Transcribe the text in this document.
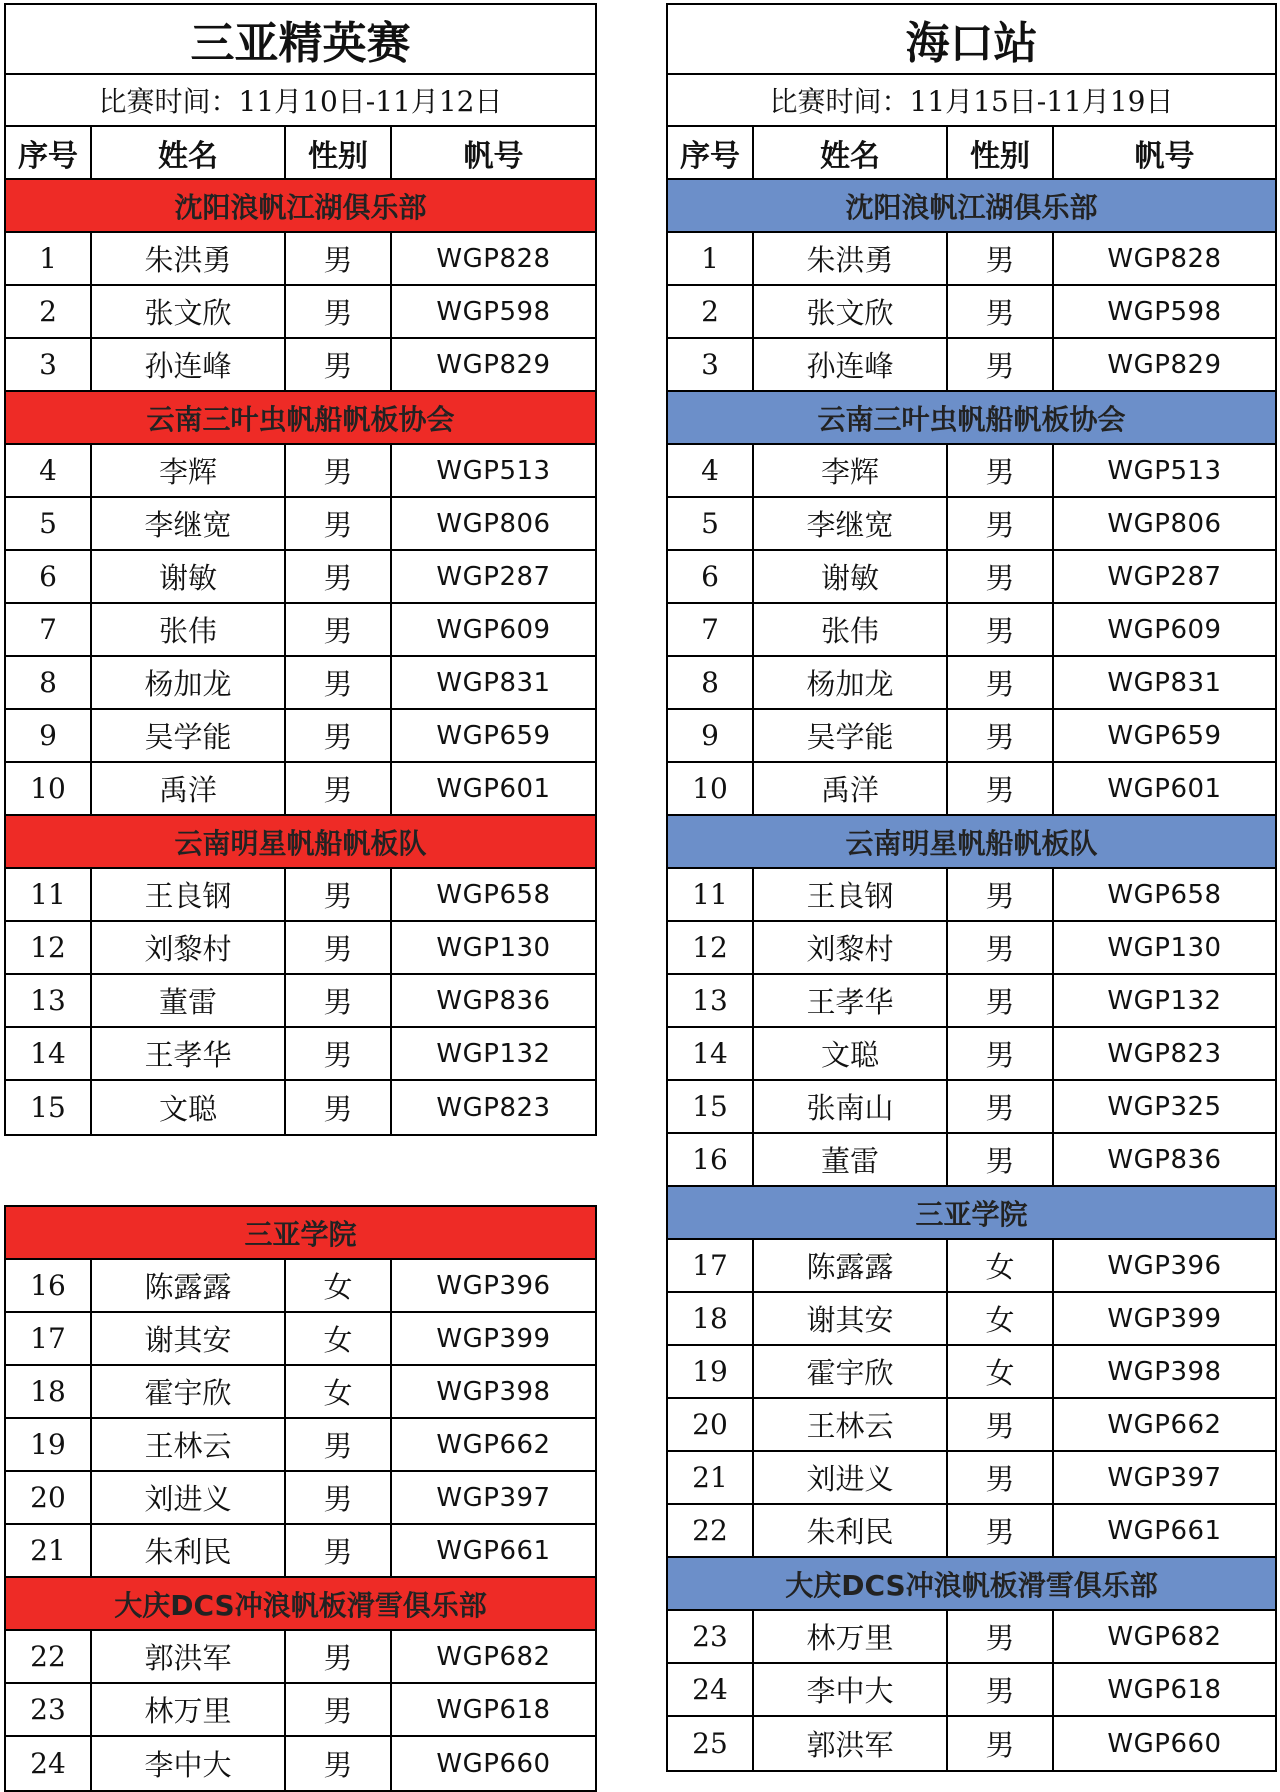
三亚精英赛
比赛时间：11月10日-11月12日
序号	姓名	性别	帆号
沈阳浪帆江湖俱乐部
1	朱洪勇	男	WGP828
2	张文欣	男	WGP598
3	孙连峰	男	WGP829
云南三叶虫帆船帆板协会
4	李辉	男	WGP513
5	李继宽	男	WGP806
6	谢敏	男	WGP287
7	张伟	男	WGP609
8	杨加龙	男	WGP831
9	吴学能	男	WGP659
10	禹洋	男	WGP601
云南明星帆船帆板队
11	王良钢	男	WGP658
12	刘黎村	男	WGP130
13	董雷	男	WGP836
14	王孝华	男	WGP132
15	文聪	男	WGP823
三亚学院
16	陈露露	女	WGP396
17	谢其安	女	WGP399
18	霍宇欣	女	WGP398
19	王林云	男	WGP662
20	刘进义	男	WGP397
21	朱利民	男	WGP661
大庆DCS冲浪帆板滑雪俱乐部
22	郭洪军	男	WGP682
23	林万里	男	WGP618
24	李中大	男	WGP660
海口站
比赛时间：11月15日-11月19日
序号	姓名	性别	帆号
沈阳浪帆江湖俱乐部
1	朱洪勇	男	WGP828
2	张文欣	男	WGP598
3	孙连峰	男	WGP829
云南三叶虫帆船帆板协会
4	李辉	男	WGP513
5	李继宽	男	WGP806
6	谢敏	男	WGP287
7	张伟	男	WGP609
8	杨加龙	男	WGP831
9	吴学能	男	WGP659
10	禹洋	男	WGP601
云南明星帆船帆板队
11	王良钢	男	WGP658
12	刘黎村	男	WGP130
13	王孝华	男	WGP132
14	文聪	男	WGP823
15	张南山	男	WGP325
16	董雷	男	WGP836
三亚学院
17	陈露露	女	WGP396
18	谢其安	女	WGP399
19	霍宇欣	女	WGP398
20	王林云	男	WGP662
21	刘进义	男	WGP397
22	朱利民	男	WGP661
大庆DCS冲浪帆板滑雪俱乐部
23	林万里	男	WGP682
24	李中大	男	WGP618
25	郭洪军	男	WGP660
